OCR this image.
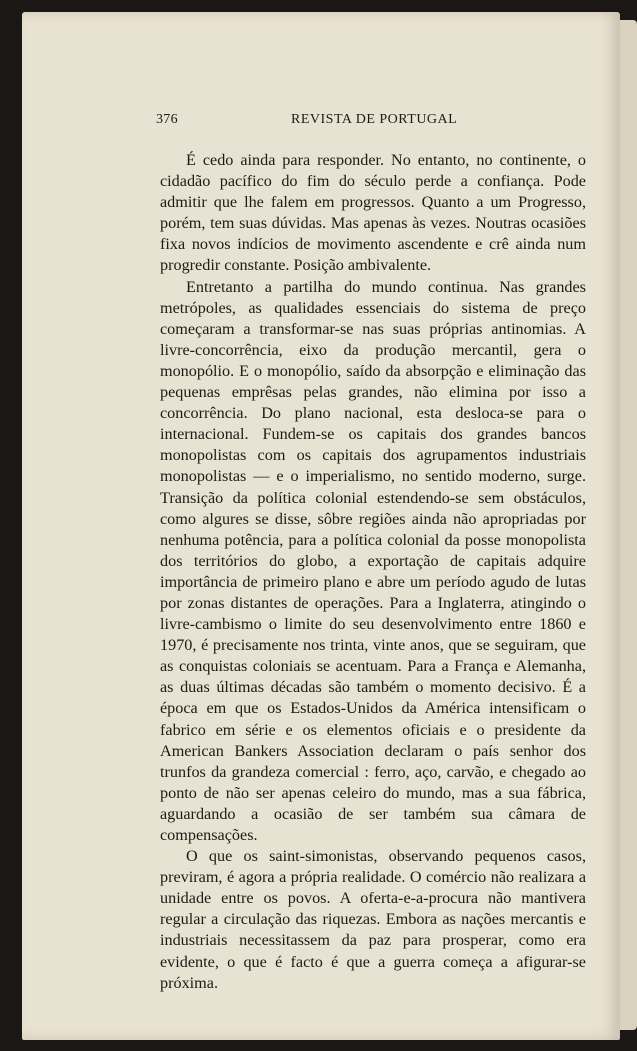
376	REVISTA DE PORTUGAL

É cedo ainda para responder. No entanto, no continente, o cidadão pacífico do fim do século perde a confiança. Pode admitir que lhe falem em progressos. Quanto a um Progresso, porém, tem suas dúvidas. Mas apenas às vezes. Noutras ocasiões fixa novos indícios de movimento ascendente e crê ainda num progredir constante. Posição ambivalente.

Entretanto a partilha do mundo continua. Nas grandes metrópoles, as qualidades essenciais do sistema de preço começaram a transformar-se nas suas próprias antinomias. A livre-concorrência, eixo da produção mercantil, gera o monopólio. E o monopólio, saído da absorpção e eliminação das pequenas emprêsas pelas grandes, não elimina por isso a concorrência. Do plano nacional, esta desloca-se para o internacional. Fundem-se os capitais dos grandes bancos monopolistas com os capitais dos agrupamentos industriais monopolistas — e o imperialismo, no sentido moderno, surge. Transição da política colonial estendendo-se sem obstáculos, como algures se disse, sôbre regiões ainda não apropriadas por nenhuma potência, para a política colonial da posse monopolista dos territórios do globo, a exportação de capitais adquire importância de primeiro plano e abre um período agudo de lutas por zonas distantes de operações. Para a Inglaterra, atingindo o livre-cambismo o limite do seu desenvolvimento entre 1860 e 1970, é precisamente nos trinta, vinte anos, que se seguiram, que as conquistas coloniais se acentuam. Para a França e Alemanha, as duas últimas décadas são também o momento decisivo. É a época em que os Estados-Unidos da América intensificam o fabrico em série e os elementos oficiais e o presidente da American Bankers Association declaram o país senhor dos trunfos da grandeza comercial : ferro, aço, carvão, e chegado ao ponto de não ser apenas celeiro do mundo, mas a sua fábrica, aguardando a ocasião de ser também sua câmara de compensações.

O que os saint-simonistas, observando pequenos casos, previram, é agora a própria realidade. O comércio não realizara a unidade entre os povos. A oferta-e-a-procura não mantivera regular a circulação das riquezas. Embora as nações mercantis e industriais necessitassem da paz para prosperar, como era evidente, o que é facto é que a guerra começa a afigurar-se próxima.
